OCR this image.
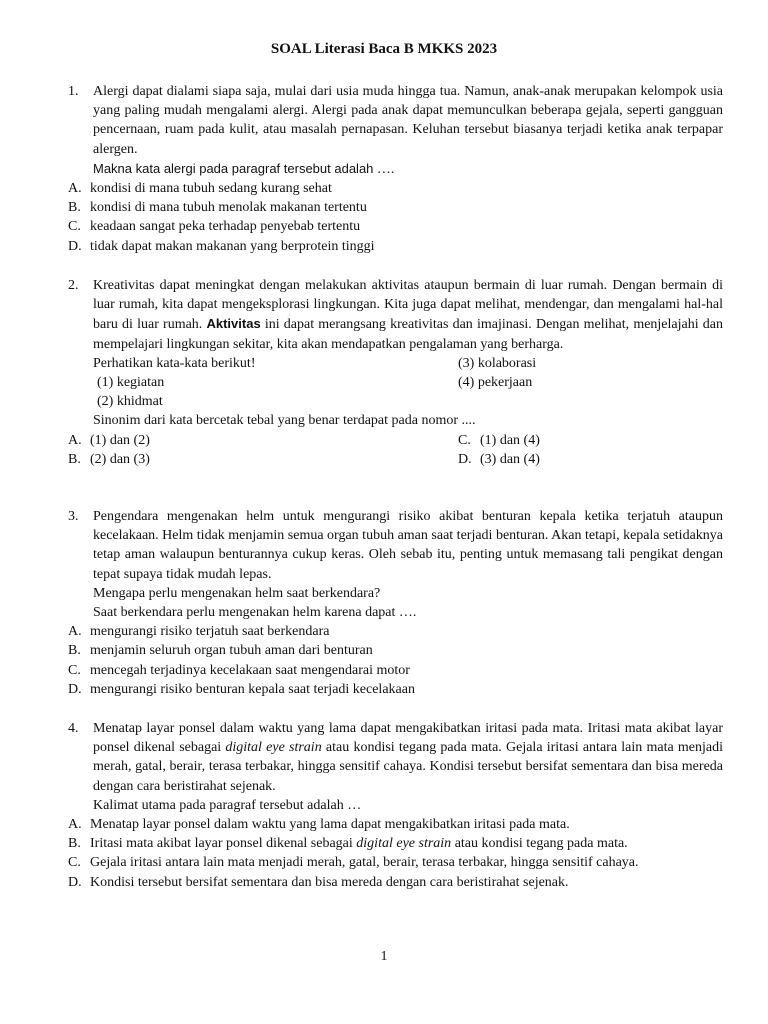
SOAL Literasi Baca B MKKS 2023
1. Alergi dapat dialami siapa saja, mulai dari usia muda hingga tua. Namun, anak-anak merupakan kelompok usia yang paling mudah mengalami alergi. Alergi pada anak dapat memunculkan beberapa gejala, seperti gangguan pencernaan, ruam pada kulit, atau masalah pernapasan. Keluhan tersebut biasanya terjadi ketika anak terpapar alergen.
Makna kata alergi pada paragraf tersebut adalah ….
A. kondisi di mana tubuh sedang kurang sehat
B. kondisi di mana tubuh menolak makanan tertentu
C. keadaan sangat peka terhadap penyebab tertentu
D. tidak dapat makan makanan yang berprotein tinggi
2. Kreativitas dapat meningkat dengan melakukan aktivitas ataupun bermain di luar rumah. Dengan bermain di luar rumah, kita dapat mengeksplorasi lingkungan. Kita juga dapat melihat, mendengar, dan mengalami hal-hal baru di luar rumah. Aktivitas ini dapat merangsang kreativitas dan imajinasi. Dengan melihat, menjelajahi dan mempelajari lingkungan sekitar, kita akan mendapatkan pengalaman yang berharga.
Perhatikan kata-kata berikut!
(1) kegiatan
(2) khidmat
(3) kolaborasi
(4) pekerjaan
Sinonim dari kata bercetak tebal yang benar terdapat pada nomor ....
A. (1) dan (2)
B. (2) dan (3)
C. (1) dan (4)
D. (3) dan (4)
3. Pengendara mengenakan helm untuk mengurangi risiko akibat benturan kepala ketika terjatuh ataupun kecelakaan. Helm tidak menjamin semua organ tubuh aman saat terjadi benturan. Akan tetapi, kepala setidaknya tetap aman walaupun benturannya cukup keras. Oleh sebab itu, penting untuk memasang tali pengikat dengan tepat supaya tidak mudah lepas.
Mengapa perlu mengenakan helm saat berkendara?
Saat berkendara perlu mengenakan helm karena dapat ….
A. mengurangi risiko terjatuh saat berkendara
B. menjamin seluruh organ tubuh aman dari benturan
C. mencegah terjadinya kecelakaan saat mengendarai motor
D. mengurangi risiko benturan kepala saat terjadi kecelakaan
4. Menatap layar ponsel dalam waktu yang lama dapat mengakibatkan iritasi pada mata. Iritasi mata akibat layar ponsel dikenal sebagai digital eye strain atau kondisi tegang pada mata. Gejala iritasi antara lain mata menjadi merah, gatal, berair, terasa terbakar, hingga sensitif cahaya. Kondisi tersebut bersifat sementara dan bisa mereda dengan cara beristirahat sejenak.
Kalimat utama pada paragraf tersebut adalah …
A. Menatap layar ponsel dalam waktu yang lama dapat mengakibatkan iritasi pada mata.
B. Iritasi mata akibat layar ponsel dikenal sebagai digital eye strain atau kondisi tegang pada mata.
C. Gejala iritasi antara lain mata menjadi merah, gatal, berair, terasa terbakar, hingga sensitif cahaya.
D. Kondisi tersebut bersifat sementara dan bisa mereda dengan cara beristirahat sejenak.
1
